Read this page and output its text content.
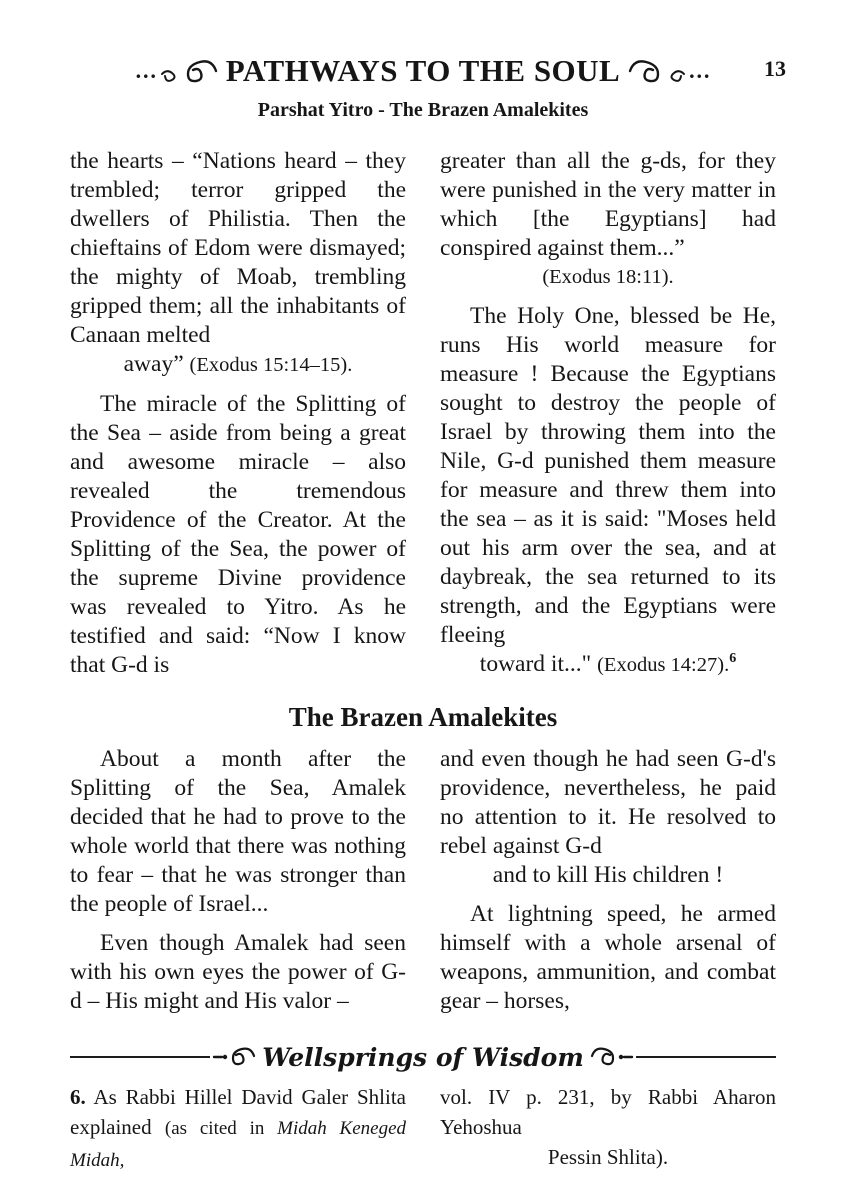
… PATHWAYS TO THE SOUL	… 13
Parshat Yitro - The Brazen Amalekites

the hearts – “Nations heard – they trembled; terror gripped the dwellers of Philistia. Then the chieftains of Edom were dismayed; the mighty of Moab, trembling gripped them; all the inhabitants of Canaan melted
away” (Exodus 15:14–15).

The miracle of the Splitting of the Sea – aside from being a great and awesome miracle – also revealed the tremendous Providence of the Creator. At the Splitting of the Sea, the power of the supreme Divine providence was revealed to Yitro. As he testified and said: “Now I know that G-d is

greater than all the g-ds, for they were punished in the very matter in which [the Egyptians] had conspired against them...”
(Exodus 18:11).

The Holy One, blessed be He, runs His world measure for measure ! Because the Egyptians sought to destroy the people of Israel by throwing them into the Nile, G-d punished them measure for measure and threw them into the sea – as it is said: "Moses held out his arm over the sea, and at daybreak, the sea returned to its strength, and the Egyptians were fleeing
toward it..." (Exodus 14:27).$^6$

The Brazen Amalekites

About a month after the Splitting of the Sea, Amalek decided that he had to prove to the whole world that there was nothing to fear – that he was stronger than the people of Israel...

Even though Amalek had seen with his own eyes the power of G-d – His might and His valor –

and even though he had seen G-d's providence, nevertheless, he paid no attention to it. He resolved to rebel against G-d
and to kill His children !

At lightning speed, he armed himself with a whole arsenal of weapons, ammunition, and combat gear – horses,

Wellsprings of Wisdom

6. As Rabbi Hillel David Galer Shlita explained (as cited in Midah Keneged Midah,

vol. IV p. 231, by Rabbi Aharon Yehoshua
Pessin Shlita).
